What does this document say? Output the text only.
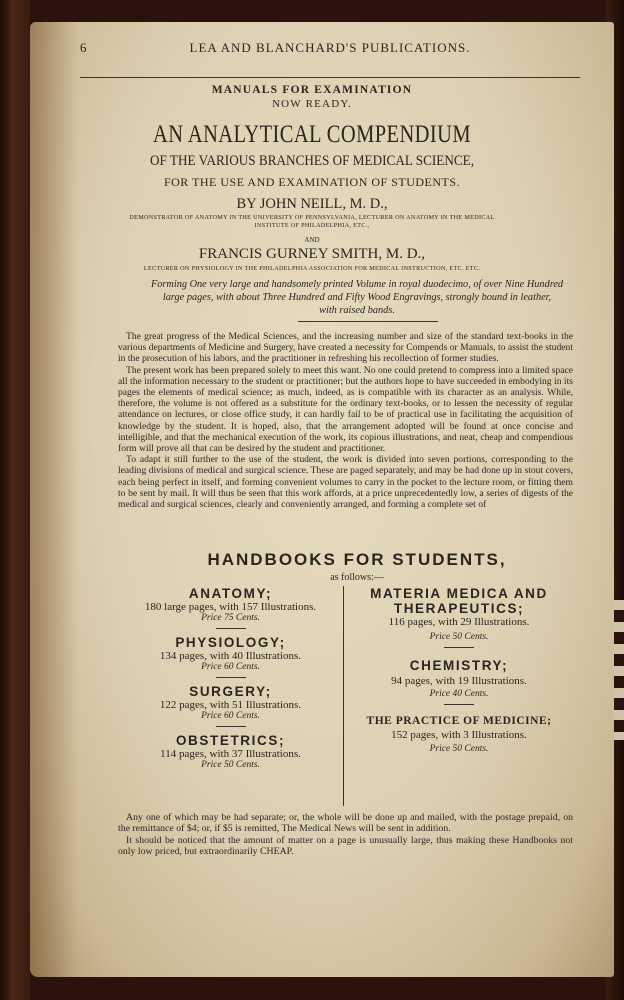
6	LEA AND BLANCHARD'S PUBLICATIONS.
MANUALS FOR EXAMINATION
NOW READY.
AN ANALYTICAL COMPENDIUM
OF THE VARIOUS BRANCHES OF MEDICAL SCIENCE,
FOR THE USE AND EXAMINATION OF STUDENTS.
BY JOHN NEILL, M. D.,
DEMONSTRATOR OF ANATOMY IN THE UNIVERSITY OF PENNSYLVANIA, LECTURER ON ANATOMY IN THE MEDICAL
INSTITUTE OF PHILADELPHIA, ETC.,
AND
FRANCIS GURNEY SMITH, M. D.,
LECTURER ON PHYSIOLOGY IN THE PHILADELPHIA ASSOCIATION FOR MEDICAL INSTRUCTION, ETC. ETC.
Forming One very large and handsomely printed Volume in royal duodecimo, of over Nine Hundred
large pages, with about Three Hundred and Fifty Wood Engravings, strongly bound in leather,
with raised bands.

The great progress of the Medical Sciences, and the increasing number and size of the standard text-books in the various departments of Medicine and Surgery, have created a necessity for Compends or Manuals, to assist the student in the prosecution of his labors, and the practitioner in refreshing his recollection of former studies.

The present work has been prepared solely to meet this want. No one could pretend to compress into a limited space all the information necessary to the student or practitioner; but the authors hope to have succeeded in embodying in its pages the elements of medical science; as much, indeed, as is compatible with its character as an analysis. While, therefore, the volume is not offered as a substitute for the ordinary text-books, or to lessen the necessity of regular attendance on lectures, or close office study, it can hardly fail to be of practical use in facilitating the acquisition of knowledge by the student. It is hoped, also, that the arrangement adopted will be found at once concise and intelligible, and that the mechanical execution of the work, its copious illustrations, and neat, cheap and compendious form will prove all that can be desired by the student and practitioner.

To adapt it still further to the use of the student, the work is divided into seven portions, corresponding to the leading divisions of medical and surgical science. These are paged separately, and may be had done up in stout covers, each being perfect in itself, and forming convenient volumes to carry in the pocket to the lecture room, or fitting them to be sent by mail. It will thus be seen that this work affords, at a price unprecedentedly low, a series of digests of the medical and surgical sciences, clearly and conveniently arranged, and forming a complete set of

HANDBOOKS FOR STUDENTS,
as follows:—
ANATOMY;
180 large pages, with 157 Illustrations.
Price 75 Cents.
PHYSIOLOGY;
134 pages, with 40 Illustrations.
Price 60 Cents.
SURGERY;
122 pages, with 51 Illustrations.
Price 60 Cents.
OBSTETRICS;
114 pages, with 37 Illustrations.
Price 50 Cents.
MATERIA MEDICA AND
THERAPEUTICS;
116 pages, with 29 Illustrations.
Price 50 Cents.
CHEMISTRY;
94 pages, with 19 Illustrations.
Price 40 Cents.
THE PRACTICE OF MEDICINE;
152 pages, with 3 Illustrations.
Price 50 Cents.

Any one of which may be had separate; or, the whole will be done up and mailed, with the postage prepaid, on the remittance of $4; or, if $5 is remitted, The Medical News will be sent in addition.

It should be noticed that the amount of matter on a page is unusually large, thus making these Handbooks not only low priced, but extraordinarily CHEAP.
